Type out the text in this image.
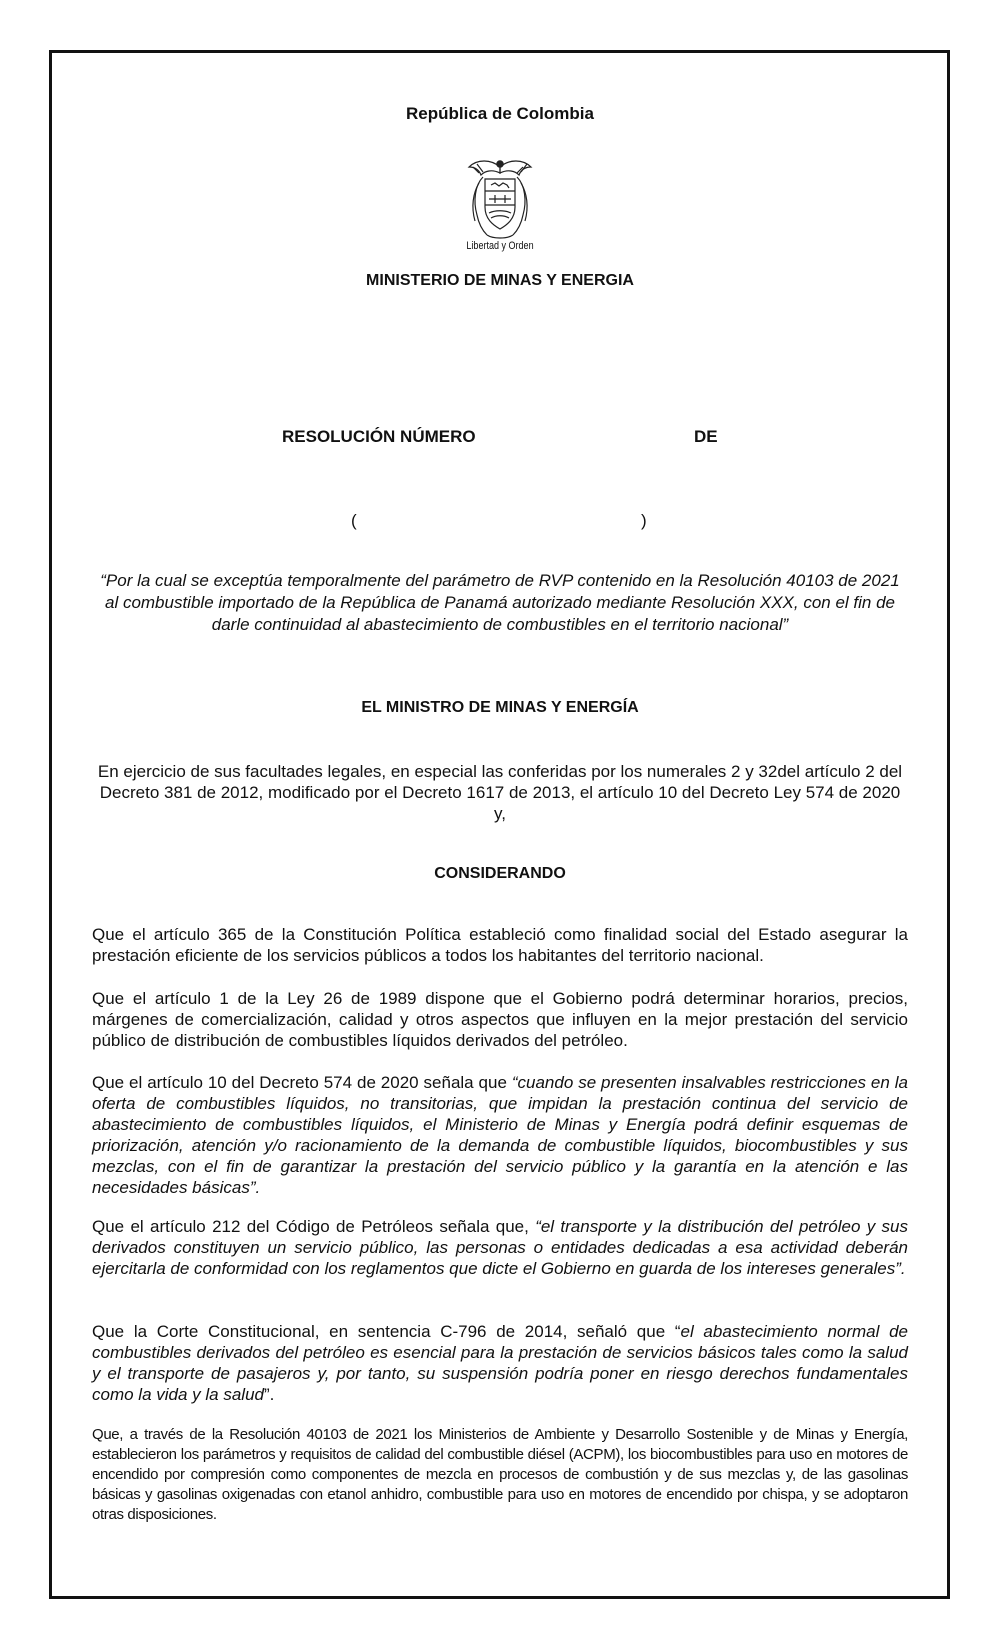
República de Colombia
Libertad y Orden
MINISTERIO DE MINAS Y ENERGIA
RESOLUCIÓN NÚMERO	DE
(	)
“Por la cual se exceptúa temporalmente del parámetro de RVP contenido en la Resolución 40103 de 2021 al combustible importado de la República de Panamá autorizado mediante Resolución XXX, con el fin de darle continuidad al abastecimiento de combustibles en el territorio nacional”
EL MINISTRO DE MINAS Y ENERGÍA
En ejercicio de sus facultades legales, en especial las conferidas por los numerales 2 y 32del artículo 2 del Decreto 381 de 2012, modificado por el Decreto 1617 de 2013, el artículo 10 del Decreto Ley 574 de 2020 y,
CONSIDERANDO
Que el artículo 365 de la Constitución Política estableció como finalidad social del Estado asegurar la prestación eficiente de los servicios públicos a todos los habitantes del territorio nacional.
Que el artículo 1 de la Ley 26 de 1989 dispone que el Gobierno podrá determinar horarios, precios, márgenes de comercialización, calidad y otros aspectos que influyen en la mejor prestación del servicio público de distribución de combustibles líquidos derivados del petróleo.
Que el artículo 10 del Decreto 574 de 2020 señala que “cuando se presenten insalvables restricciones en la oferta de combustibles líquidos, no transitorias, que impidan la prestación continua del servicio de abastecimiento de combustibles líquidos, el Ministerio de Minas y Energía podrá definir esquemas de priorización, atención y/o racionamiento de la demanda de combustible líquidos, biocombustibles y sus mezclas, con el fin de garantizar la prestación del servicio público y la garantía en la atención e las necesidades básicas”.
Que el artículo 212 del Código de Petróleos señala que, “el transporte y la distribución del petróleo y sus derivados constituyen un servicio público, las personas o entidades dedicadas a esa actividad deberán ejercitarla de conformidad con los reglamentos que dicte el Gobierno en guarda de los intereses generales”.
Que la Corte Constitucional, en sentencia C-796 de 2014, señaló que “el abastecimiento normal de combustibles derivados del petróleo es esencial para la prestación de servicios básicos tales como la salud y el transporte de pasajeros y, por tanto, su suspensión podría poner en riesgo derechos fundamentales como la vida y la salud”.
Que, a través de la Resolución 40103 de 2021 los Ministerios de Ambiente y Desarrollo Sostenible y de Minas y Energía, establecieron los parámetros y requisitos de calidad del combustible diésel (ACPM), los biocombustibles para uso en motores de encendido por compresión como componentes de mezcla en procesos de combustión y de sus mezclas y, de las gasolinas básicas y gasolinas oxigenadas con etanol anhidro, combustible para uso en motores de encendido por chispa, y se adoptaron otras disposiciones.
